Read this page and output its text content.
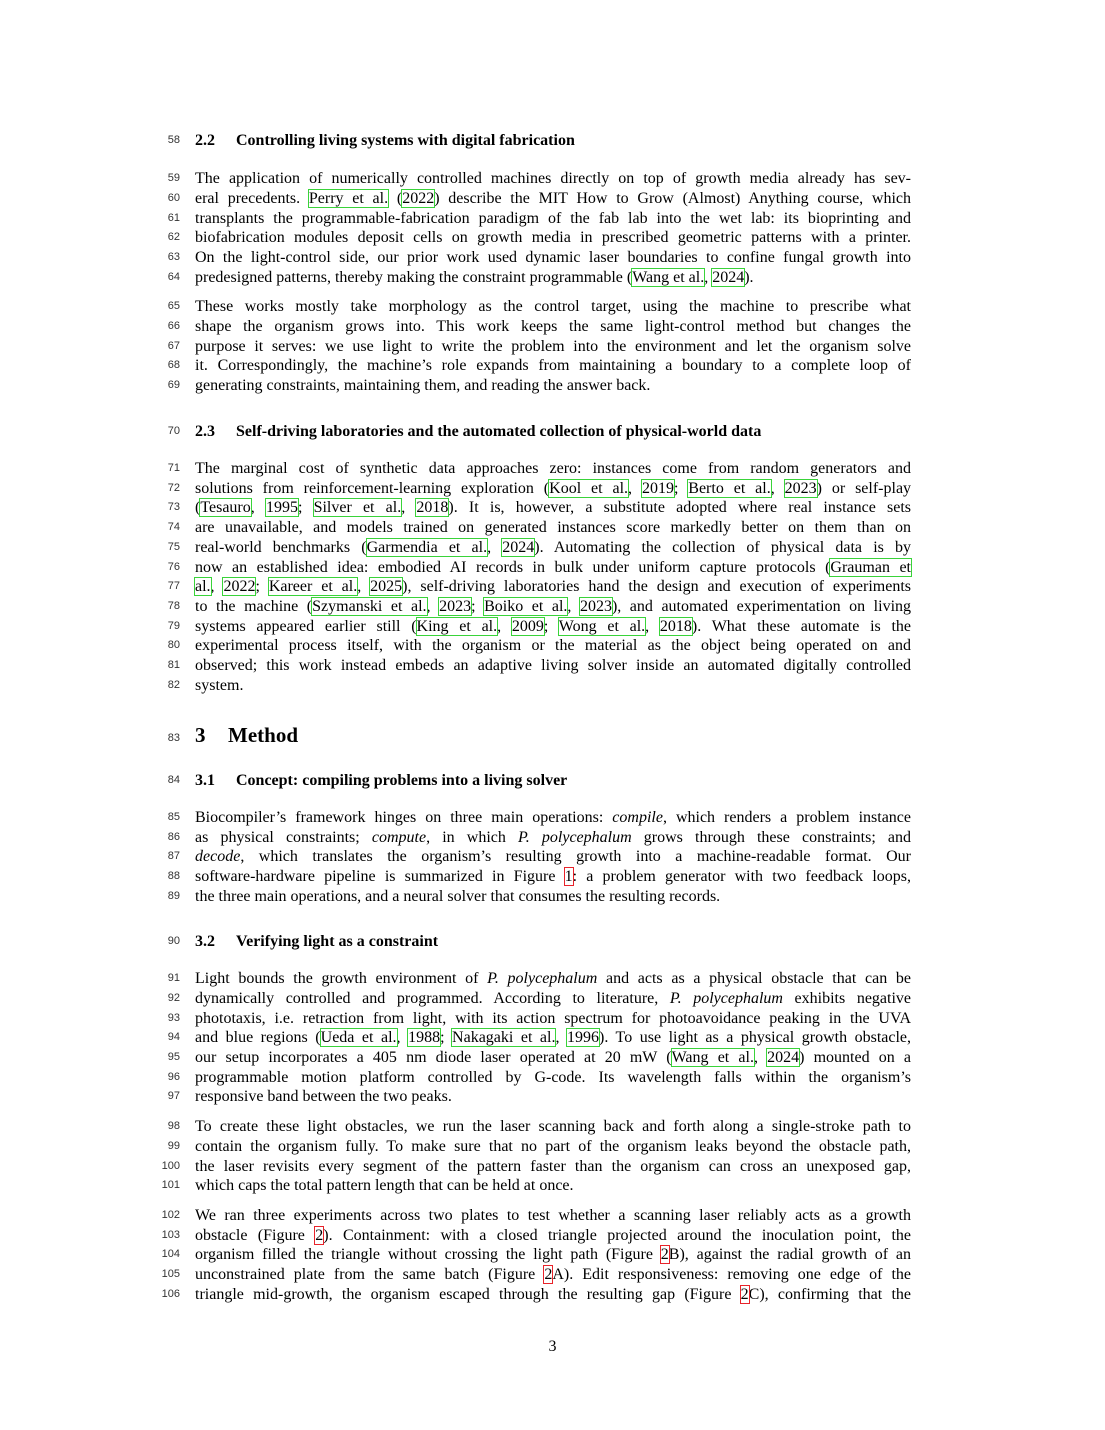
58 2.2 Controlling living systems with digital fabrication
59 The application of numerically controlled machines directly on top of growth media already has sev-
60 eral precedents. Perry et al. (2022) describe the MIT How to Grow (Almost) Anything course, which
61 transplants the programmable-fabrication paradigm of the fab lab into the wet lab: its bioprinting and
62 biofabrication modules deposit cells on growth media in prescribed geometric patterns with a printer.
63 On the light-control side, our prior work used dynamic laser boundaries to confine fungal growth into
64 predesigned patterns, thereby making the constraint programmable (Wang et al., 2024).
65 These works mostly take morphology as the control target, using the machine to prescribe what
66 shape the organism grows into. This work keeps the same light-control method but changes the
67 purpose it serves: we use light to write the problem into the environment and let the organism solve
68 it. Correspondingly, the machine’s role expands from maintaining a boundary to a complete loop of
69 generating constraints, maintaining them, and reading the answer back.
70 2.3 Self-driving laboratories and the automated collection of physical-world data
71 The marginal cost of synthetic data approaches zero: instances come from random generators and
72 solutions from reinforcement-learning exploration (Kool et al., 2019; Berto et al., 2023) or self-play
73 (Tesauro, 1995; Silver et al., 2018). It is, however, a substitute adopted where real instance sets
74 are unavailable, and models trained on generated instances score markedly better on them than on
75 real-world benchmarks (Garmendia et al., 2024). Automating the collection of physical data is by
76 now an established idea: embodied AI records in bulk under uniform capture protocols (Grauman et
77 al., 2022; Kareer et al., 2025), self-driving laboratories hand the design and execution of experiments
78 to the machine (Szymanski et al., 2023; Boiko et al., 2023), and automated experimentation on living
79 systems appeared earlier still (King et al., 2009; Wong et al., 2018). What these automate is the
80 experimental process itself, with the organism or the material as the object being operated on and
81 observed; this work instead embeds an adaptive living solver inside an automated digitally controlled
82 system.
83 3 Method
84 3.1 Concept: compiling problems into a living solver
85 Biocompiler’s framework hinges on three main operations: compile, which renders a problem instance
86 as physical constraints; compute, in which P. polycephalum grows through these constraints; and
87 decode, which translates the organism’s resulting growth into a machine-readable format. Our
88 software-hardware pipeline is summarized in Figure 1: a problem generator with two feedback loops,
89 the three main operations, and a neural solver that consumes the resulting records.
90 3.2 Verifying light as a constraint
91 Light bounds the growth environment of P. polycephalum and acts as a physical obstacle that can be
92 dynamically controlled and programmed. According to literature, P. polycephalum exhibits negative
93 phototaxis, i.e. retraction from light, with its action spectrum for photoavoidance peaking in the UVA
94 and blue regions (Ueda et al., 1988; Nakagaki et al., 1996). To use light as a physical growth obstacle,
95 our setup incorporates a 405 nm diode laser operated at 20 mW (Wang et al., 2024) mounted on a
96 programmable motion platform controlled by G-code. Its wavelength falls within the organism’s
97 responsive band between the two peaks.
98 To create these light obstacles, we run the laser scanning back and forth along a single-stroke path to
99 contain the organism fully. To make sure that no part of the organism leaks beyond the obstacle path,
100 the laser revisits every segment of the pattern faster than the organism can cross an unexposed gap,
101 which caps the total pattern length that can be held at once.
102 We ran three experiments across two plates to test whether a scanning laser reliably acts as a growth
103 obstacle (Figure 2). Containment: with a closed triangle projected around the inoculation point, the
104 organism filled the triangle without crossing the light path (Figure 2B), against the radial growth of an
105 unconstrained plate from the same batch (Figure 2A). Edit responsiveness: removing one edge of the
106 triangle mid-growth, the organism escaped through the resulting gap (Figure 2C), confirming that the
3
